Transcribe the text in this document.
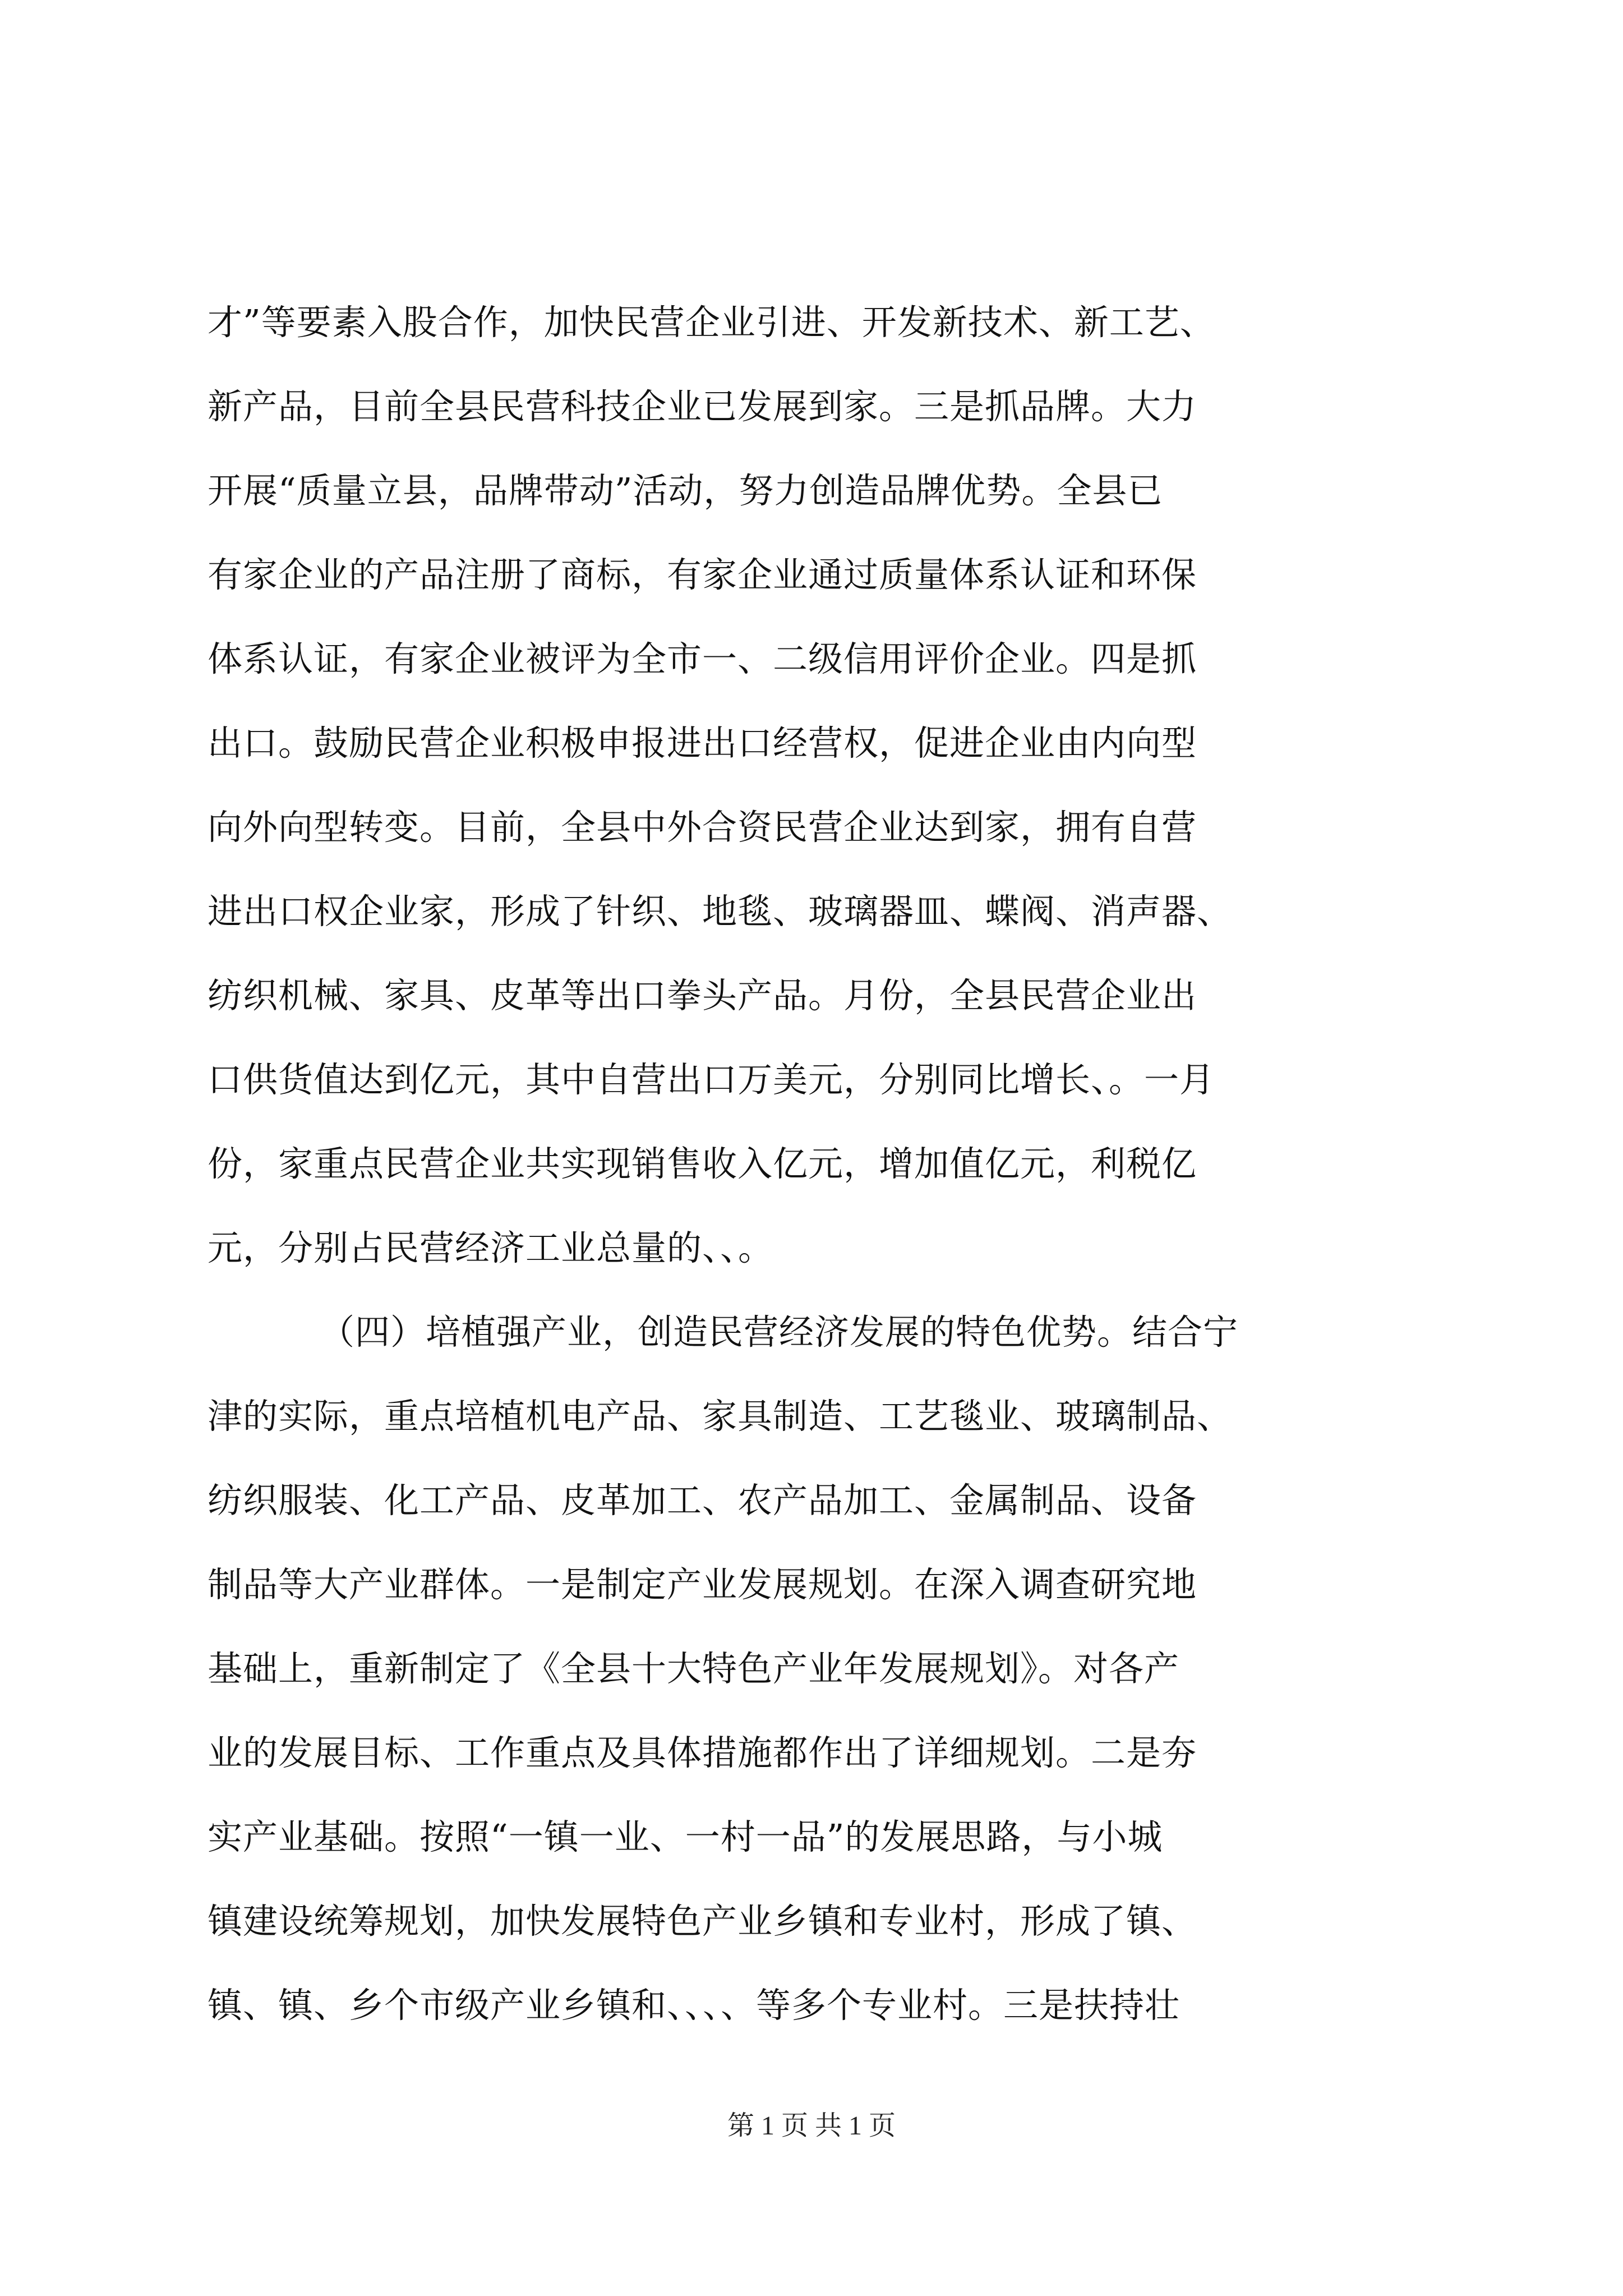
才”等要素入股合作，加快民营企业引进、开发新技术、新工艺、
新产品，目前全县民营科技企业已发展到家。三是抓品牌。大力
开展“质量立县，品牌带动”活动，努力创造品牌优势。全县已
有家企业的产品注册了商标，有家企业通过质量体系认证和环保
体系认证，有家企业被评为全市一、二级信用评价企业。四是抓
出口。鼓励民营企业积极申报进出口经营权，促进企业由内向型
向外向型转变。目前，全县中外合资民营企业达到家，拥有自营
进出口权企业家，形成了针织、地毯、玻璃器皿、蝶阀、消声器、
纺织机械、家具、皮革等出口拳头产品。月份，全县民营企业出
口供货值达到亿元，其中自营出口万美元，分别同比增长、。一月
份，家重点民营企业共实现销售收入亿元，增加值亿元，利税亿
元，分别占民营经济工业总量的、、。
（四）培植强产业，创造民营经济发展的特色优势。结合宁
津的实际，重点培植机电产品、家具制造、工艺毯业、玻璃制品、
纺织服装、化工产品、皮革加工、农产品加工、金属制品、设备
制品等大产业群体。一是制定产业发展规划。在深入调查研究地
基础上，重新制定了《全县十大特色产业年发展规划》。对各产
业的发展目标、工作重点及具体措施都作出了详细规划。二是夯
实产业基础。按照“一镇一业、一村一品”的发展思路，与小城
镇建设统筹规划，加快发展特色产业乡镇和专业村，形成了镇、
镇、镇、乡个市级产业乡镇和、、、、等多个专业村。三是扶持壮
第 1 页 共 1 页
